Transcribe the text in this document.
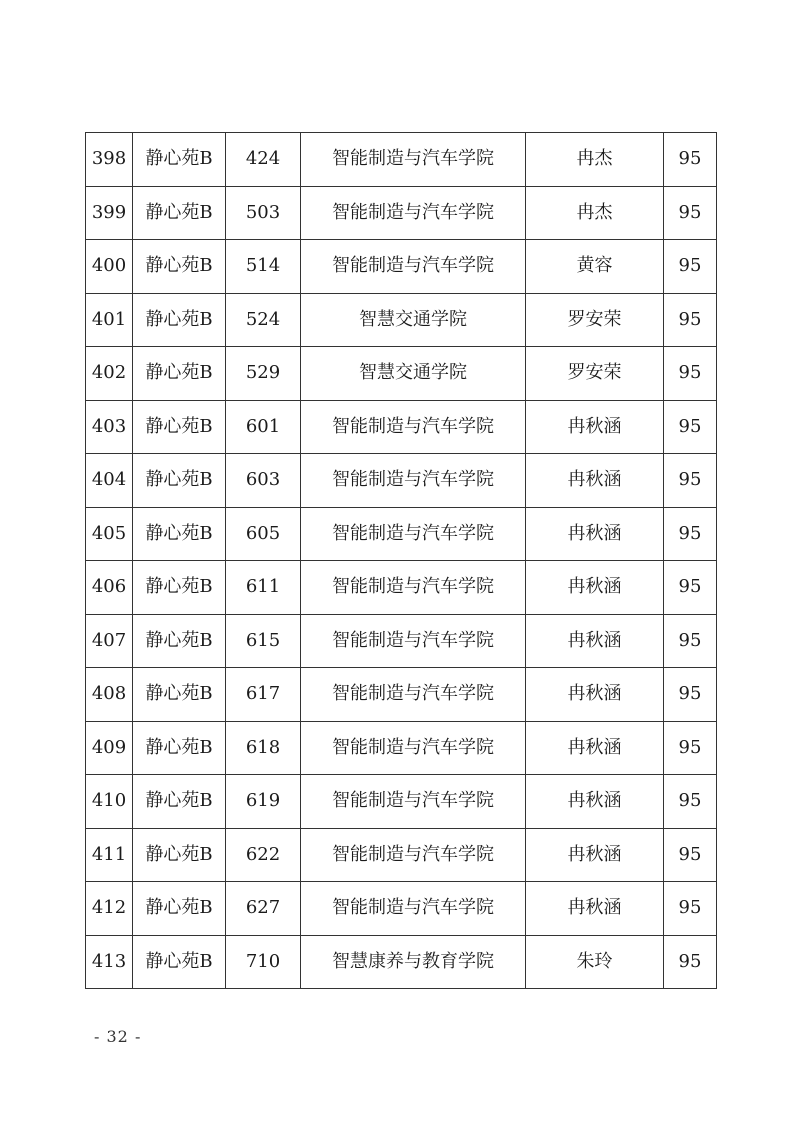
398	静心苑B	424	智能制造与汽车学院	冉杰	95
399	静心苑B	503	智能制造与汽车学院	冉杰	95
400	静心苑B	514	智能制造与汽车学院	黄容	95
401	静心苑B	524	智慧交通学院	罗安荣	95
402	静心苑B	529	智慧交通学院	罗安荣	95
403	静心苑B	601	智能制造与汽车学院	冉秋涵	95
404	静心苑B	603	智能制造与汽车学院	冉秋涵	95
405	静心苑B	605	智能制造与汽车学院	冉秋涵	95
406	静心苑B	611	智能制造与汽车学院	冉秋涵	95
407	静心苑B	615	智能制造与汽车学院	冉秋涵	95
408	静心苑B	617	智能制造与汽车学院	冉秋涵	95
409	静心苑B	618	智能制造与汽车学院	冉秋涵	95
410	静心苑B	619	智能制造与汽车学院	冉秋涵	95
411	静心苑B	622	智能制造与汽车学院	冉秋涵	95
412	静心苑B	627	智能制造与汽车学院	冉秋涵	95
413	静心苑B	710	智慧康养与教育学院	朱玲	95
- 32 -
